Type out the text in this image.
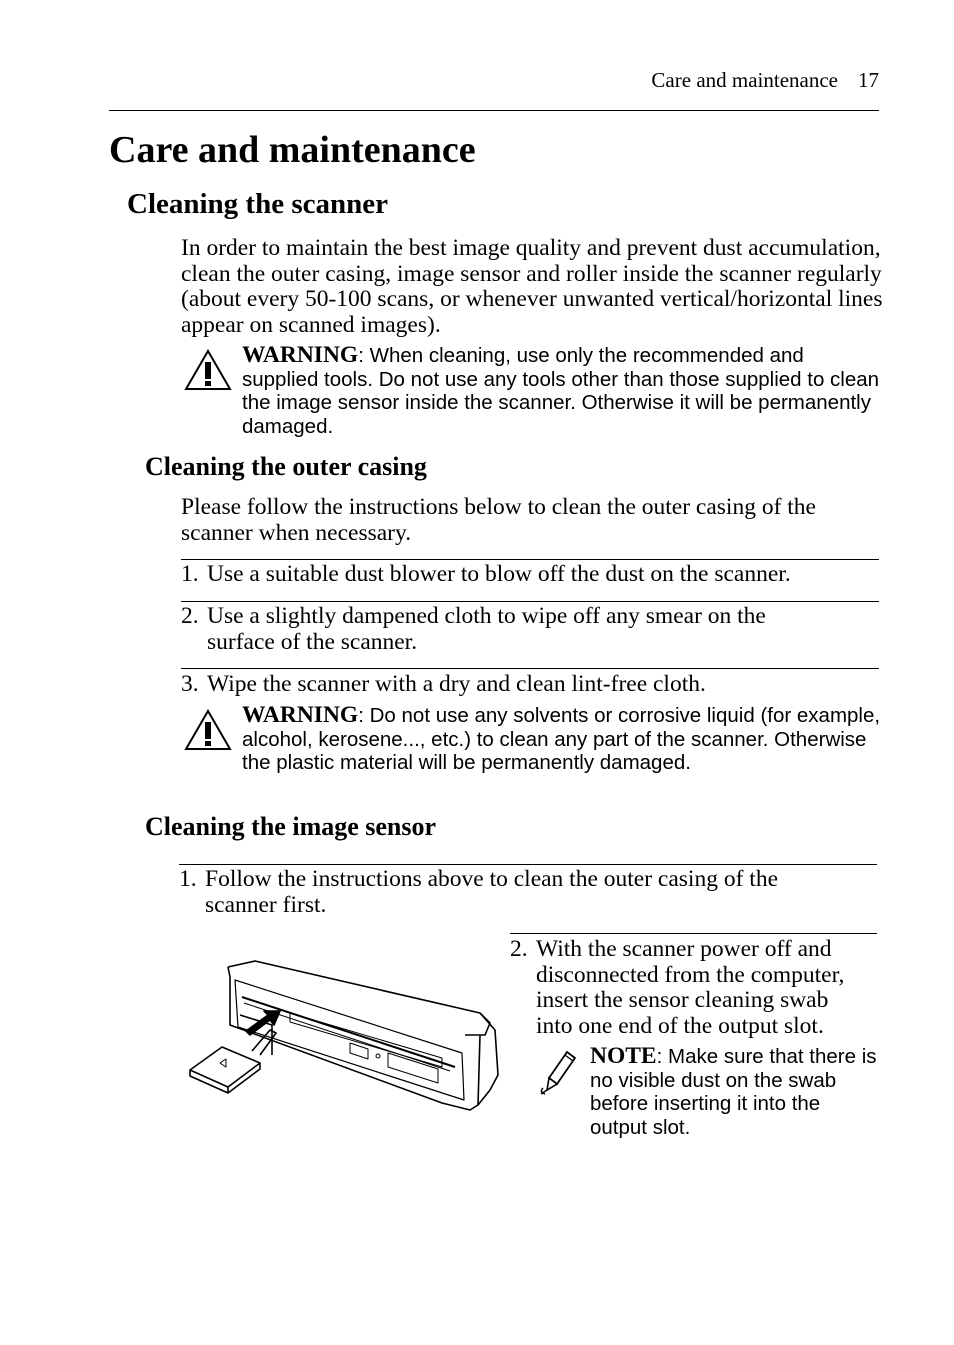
Care and maintenance 17
Care and maintenance
Cleaning the scanner
In order to maintain the best image quality and prevent dust accumulation, clean the outer casing, image sensor and roller inside the scanner regularly (about every 50-100 scans, or whenever unwanted vertical/horizontal lines appear on scanned images).
WARNING: When cleaning, use only the recommended and supplied tools. Do not use any tools other than those supplied to clean the image sensor inside the scanner. Otherwise it will be permanently damaged.
Cleaning the outer casing
Please follow the instructions below to clean the outer casing of the scanner when necessary.
1. Use a suitable dust blower to blow off the dust on the scanner.
2. Use a slightly dampened cloth to wipe off any smear on the
surface of the scanner.
3. Wipe the scanner with a dry and clean lint-free cloth.
WARNING: Do not use any solvents or corrosive liquid (for example, alcohol, kerosene..., etc.) to clean any part of the scanner. Otherwise the plastic material will be permanently damaged.
Cleaning the image sensor
1. Follow the instructions above to clean the outer casing of the
scanner first.
2. With the scanner power off and
disconnected from the computer,
insert the sensor cleaning swab
into one end of the output slot.
NOTE: Make sure that there is no visible dust on the swab before inserting it into the output slot.
